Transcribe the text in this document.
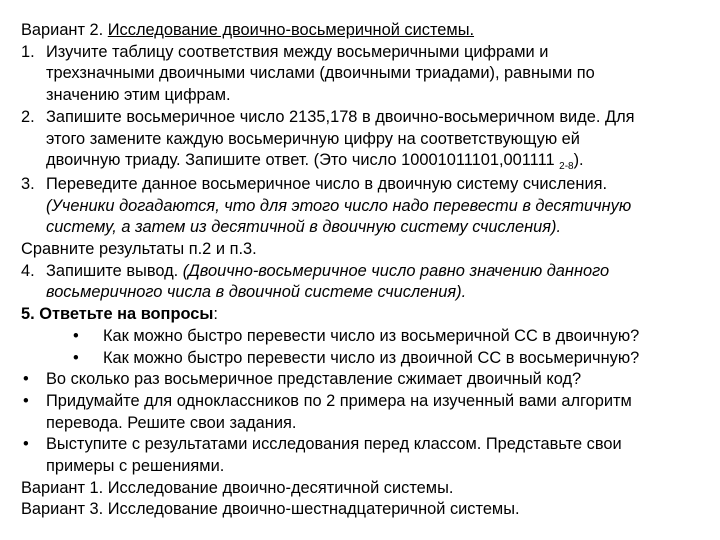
Вариант 2. Исследование двоично-восьмеричной системы.
1. Изучите таблицу соответствия между восьмеричными цифрами и
трехзначными двоичными числами (двоичными триадами), равными по
значению этим цифрам.
2. Запишите восьмеричное число 2135,178 в двоично-восьмеричном виде. Для
этого замените каждую восьмеричную цифру на соответствующую ей
двоичную триаду. Запишите ответ. (Это число 10001011101,001111 $_{2-8}$).
3. Переведите данное восьмеричное число в двоичную систему счисления.
(Ученики догадаются, что для этого число надо перевести в десятичную
систему, а затем из десятичной в двоичную систему счисления).
Сравните результаты п.2 и п.3.
4. Запишите вывод. (Двоично-восьмеричное число равно значению данного
восьмеричного числа в двоичной системе счисления).
5. Ответьте на вопросы:
•	Как можно быстро перевести число из восьмеричной СС в двоичную?
•	Как можно быстро перевести число из двоичной СС в восьмеричную?
•	Во сколько раз восьмеричное представление сжимает двоичный код?
•	Придумайте для одноклассников по 2 примера на изученный вами алгоритм
перевода. Решите свои задания.
•	Выступите с результатами исследования перед классом. Представьте свои
примеры с решениями.
Вариант 1. Исследование двоично-десятичной системы.
Вариант 3. Исследование двоично-шестнадцатеричной системы.
